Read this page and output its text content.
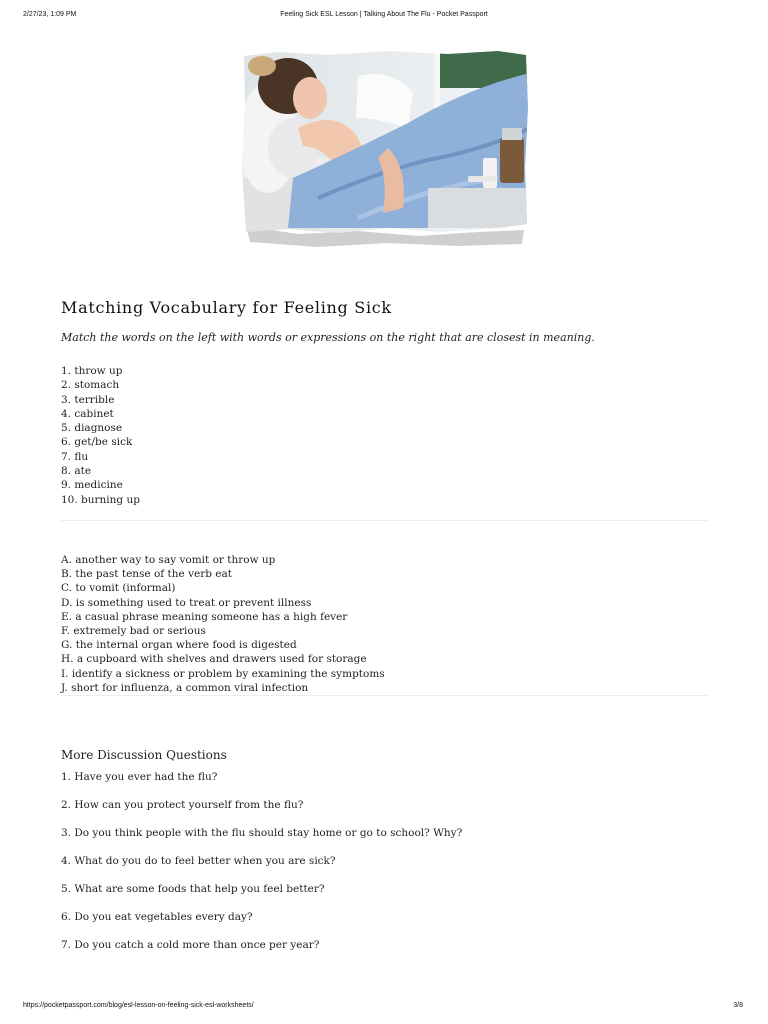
2/27/23, 1:09 PM	Feeling Sick ESL Lesson | Talking About The Flu - Pocket Passport
Matching Vocabulary for Feeling Sick
Match the words on the left with words or expressions on the right that are closest in meaning.
1. throw up
2. stomach
3. terrible
4. cabinet
5. diagnose
6. get/be sick
7. flu
8. ate
9. medicine
10. burning up
A. another way to say vomit or throw up
B. the past tense of the verb eat
C. to vomit (informal)
D. is something used to treat or prevent illness
E. a casual phrase meaning someone has a high fever
F. extremely bad or serious
G. the internal organ where food is digested
H. a cupboard with shelves and drawers used for storage
I. identify a sickness or problem by examining the symptoms
J. short for influenza, a common viral infection
More Discussion Questions
1. Have you ever had the flu?
2. How can you protect yourself from the flu?
3. Do you think people with the flu should stay home or go to school? Why?
4. What do you do to feel better when you are sick?
5. What are some foods that help you feel better?
6. Do you eat vegetables every day?
7. Do you catch a cold more than once per year?
https://pocketpassport.com/blog/esl-lesson-on-feeling-sick-esl-worksheets/	3/8
